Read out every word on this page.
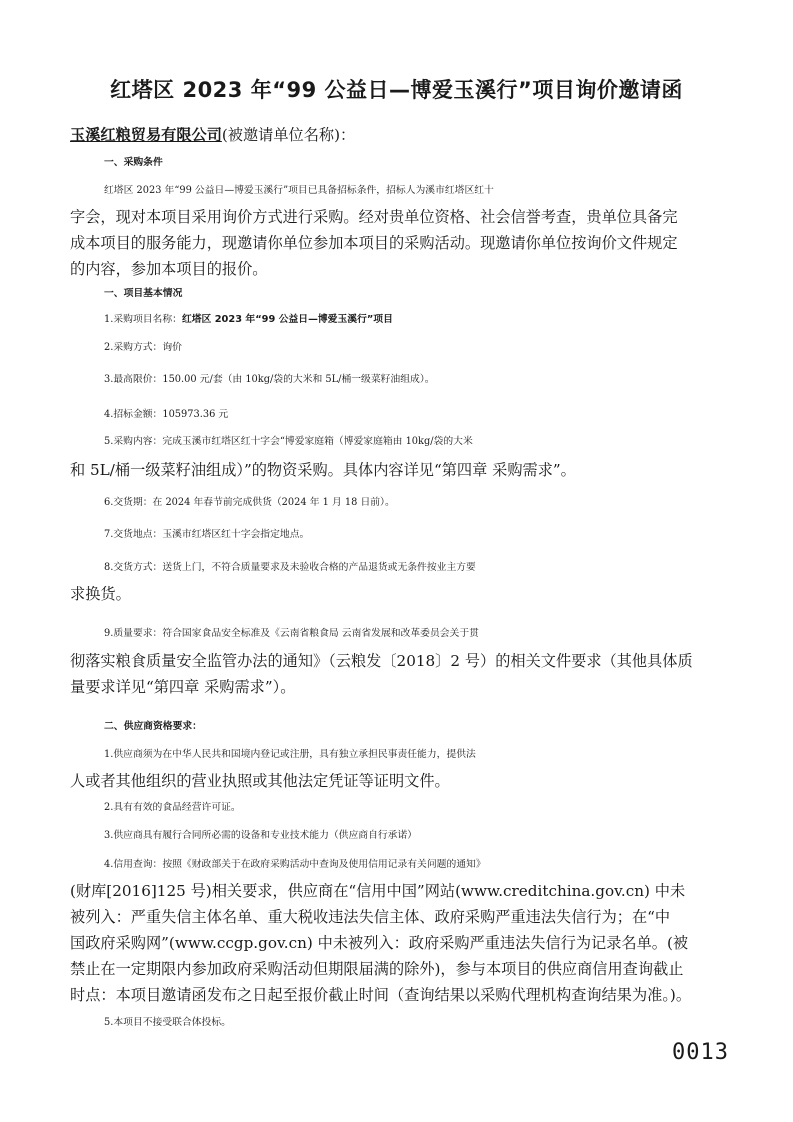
红塔区 2023 年“99 公益日—博爱玉溪行”项目询价邀请函
玉溪红粮贸易有限公司(被邀请单位名称)：
一、采购条件
红塔区 2023 年“99 公益日—博爱玉溪行”项目已具备招标条件，招标人为溪市红塔区红十
字会，现对本项目采用询价方式进行采购。经对贵单位资格、社会信誉考查，贵单位具备完
成本项目的服务能力，现邀请你单位参加本项目的采购活动。现邀请你单位按询价文件规定
的内容，参加本项目的报价。
一、项目基本情况
1.采购项目名称：红塔区 2023 年“99 公益日—博爱玉溪行”项目
2.采购方式：询价
3.最高限价：150.00 元/套（由 10kg/袋的大米和 5L/桶一级菜籽油组成）。
4.招标金额：105973.36 元
5.采购内容：完成玉溪市红塔区红十字会“博爱家庭箱（博爱家庭箱由 10kg/袋的大米
和 5L/桶一级菜籽油组成）”的物资采购。具体内容详见“第四章 采购需求”。
6.交货期：在 2024 年春节前完成供货（2024 年 1 月 18 日前）。
7.交货地点：玉溪市红塔区红十字会指定地点。
8.交货方式：送货上门，不符合质量要求及未验收合格的产品退货或无条件按业主方要
求换货。
9.质量要求：符合国家食品安全标准及《云南省粮食局 云南省发展和改革委员会关于贯
彻落实粮食质量安全监管办法的通知》（云粮发〔2018〕2 号）的相关文件要求（其他具体质
量要求详见“第四章 采购需求”）。
二、供应商资格要求：
1.供应商须为在中华人民共和国境内登记或注册，具有独立承担民事责任能力，提供法
人或者其他组织的营业执照或其他法定凭证等证明文件。
2.具有有效的食品经营许可证。
3.供应商具有履行合同所必需的设备和专业技术能力（供应商自行承诺）
4.信用查询：按照《财政部关于在政府采购活动中查询及使用信用记录有关问题的通知》
(财库[2016]125 号)相关要求，供应商在“信用中国”网站(www.creditchina.gov.cn) 中未
被列入：严重失信主体名单、重大税收违法失信主体、政府采购严重违法失信行为；在“中
国政府采购网”(www.ccgp.gov.cn) 中未被列入：政府采购严重违法失信行为记录名单。(被
禁止在一定期限内参加政府采购活动但期限届满的除外)，参与本项目的供应商信用查询截止
时点：本项目邀请函发布之日起至报价截止时间（查询结果以采购代理机构查询结果为准。)。
5.本项目不接受联合体投标。
0013
